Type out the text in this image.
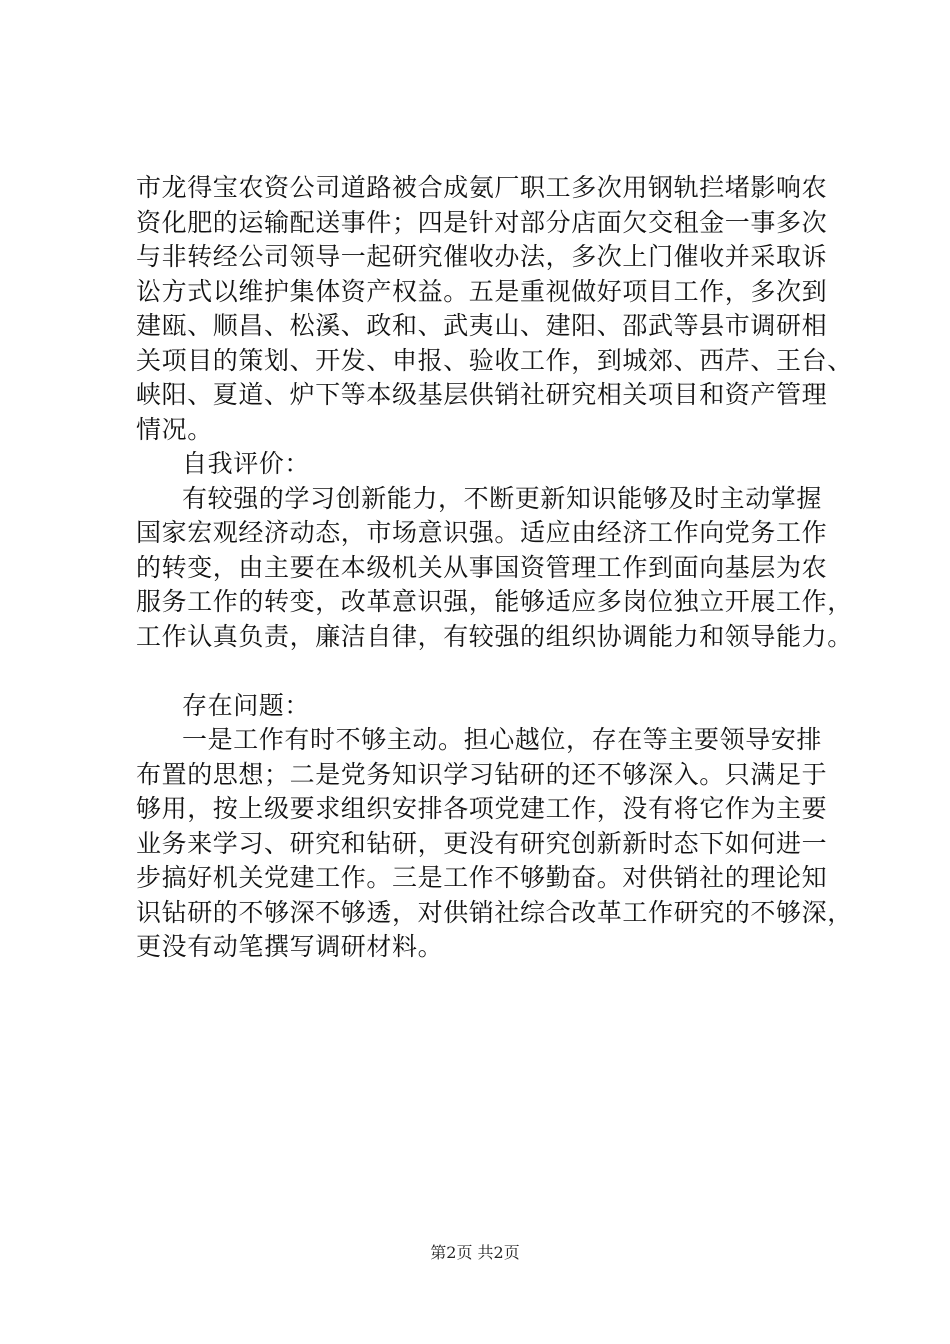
市龙得宝农资公司道路被合成氨厂职工多次用钢轨拦堵影响农
资化肥的运输配送事件；四是针对部分店面欠交租金一事多次
与非转经公司领导一起研究催收办法，多次上门催收并采取诉
讼方式以维护集体资产权益。五是重视做好项目工作，多次到
建瓯、顺昌、松溪、政和、武夷山、建阳、邵武等县市调研相
关项目的策划、开发、申报、验收工作，到城郊、西芹、王台、
峡阳、夏道、炉下等本级基层供销社研究相关项目和资产管理
情况。
自我评价：
有较强的学习创新能力，不断更新知识能够及时主动掌握
国家宏观经济动态，市场意识强。适应由经济工作向党务工作
的转变，由主要在本级机关从事国资管理工作到面向基层为农
服务工作的转变，改革意识强，能够适应多岗位独立开展工作，
工作认真负责，廉洁自律，有较强的组织协调能力和领导能力。
存在问题：
一是工作有时不够主动。担心越位，存在等主要领导安排
布置的思想；二是党务知识学习钻研的还不够深入。只满足于
够用，按上级要求组织安排各项党建工作，没有将它作为主要
业务来学习、研究和钻研，更没有研究创新新时态下如何进一
步搞好机关党建工作。三是工作不够勤奋。对供销社的理论知
识钻研的不够深不够透，对供销社综合改革工作研究的不够深，
更没有动笔撰写调研材料。
第2页 共2页
